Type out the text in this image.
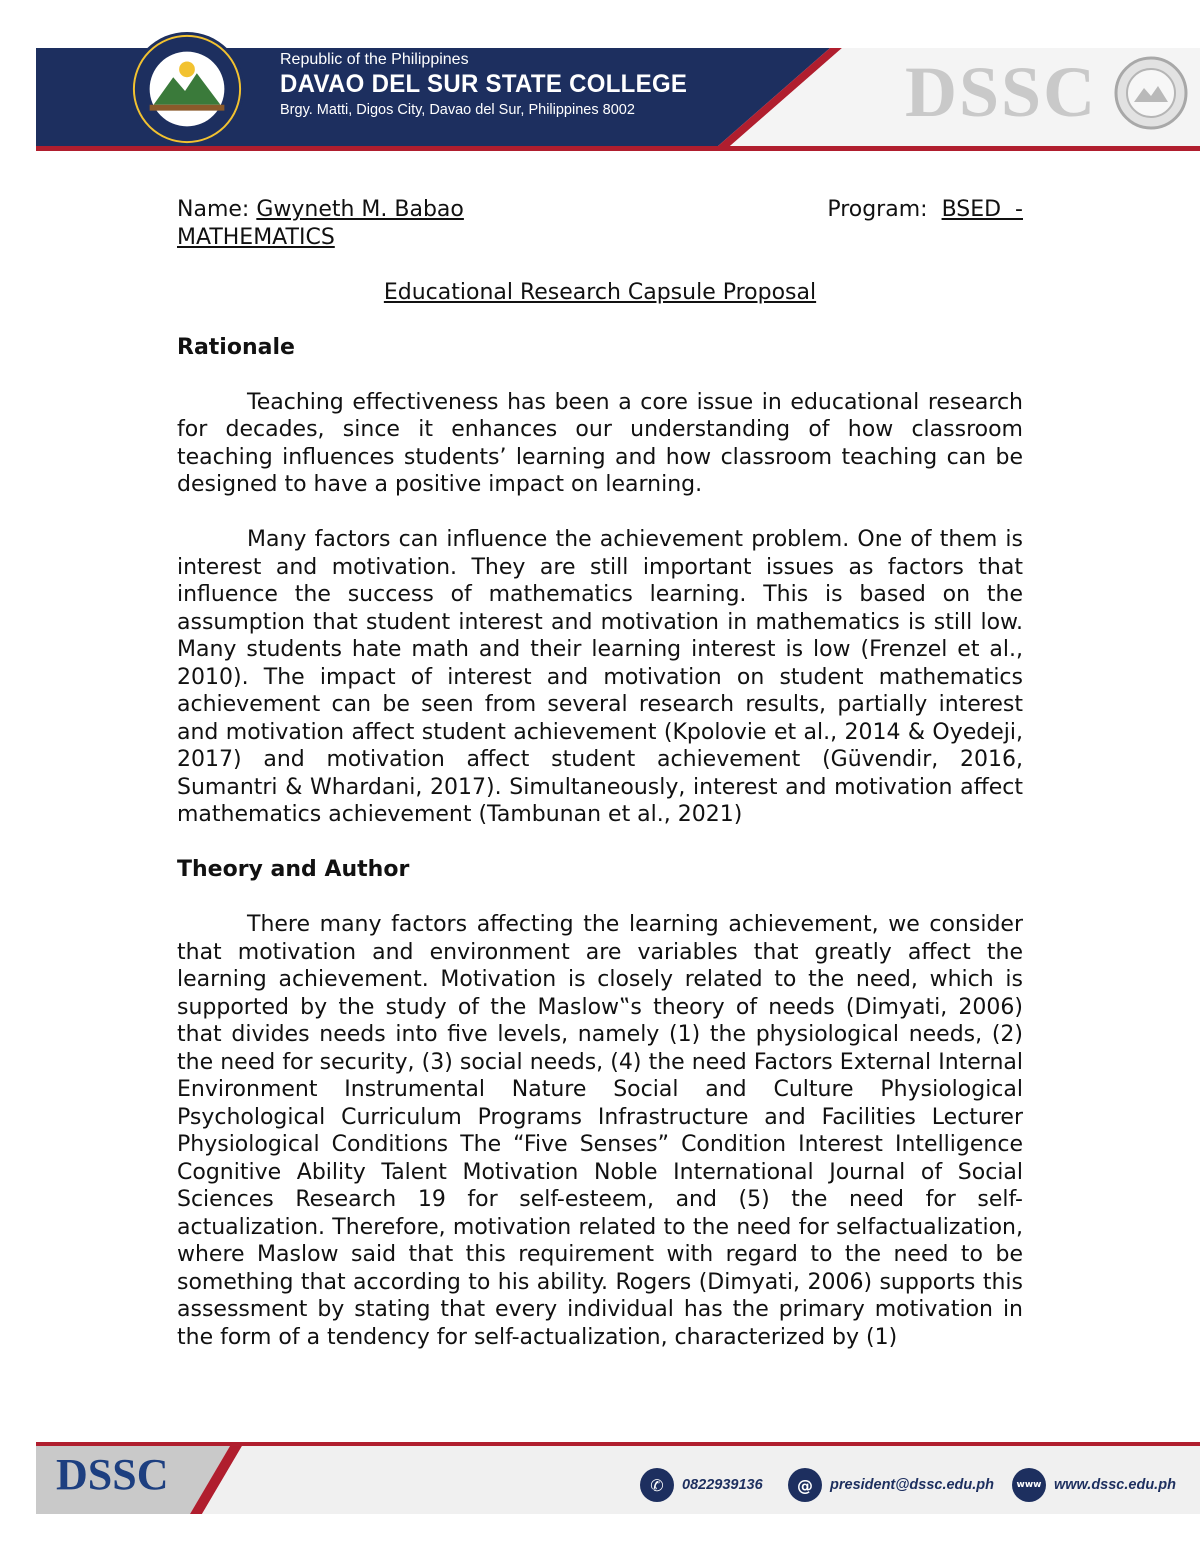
Republic of the Philippines
DAVAO DEL SUR STATE COLLEGE
Brgy. Matti, Digos City, Davao del Sur, Philippines 8002	DSSC
Name: Gwyneth M. Babao	Program: BSED  -
MATHEMATICS
Educational Research Capsule Proposal
Rationale

Teaching effectiveness has been a core issue in educational research for decades, since it enhances our understanding of how classroom teaching influences students’ learning and how classroom teaching can be designed to have a positive impact on learning.

Many factors can influence the achievement problem. One of them is interest and motivation. They are still important issues as factors that influence the success of mathematics learning. This is based on the assumption that student interest and motivation in mathematics is still low. Many students hate math and their learning interest is low (Frenzel et al., 2010). The impact of interest and motivation on student mathematics achievement can be seen from several research results, partially interest and motivation affect student achievement (Kpolovie et al., 2014 & Oyedeji, 2017) and motivation affect student achievement (Güvendir, 2016, Sumantri & Whardani, 2017). Simultaneously, interest and motivation affect mathematics achievement (Tambunan et al., 2021)

Theory and Author

There many factors affecting the learning achievement, we consider that motivation and environment are variables that greatly affect the learning achievement. Motivation is closely related to the need, which is supported by the study of the Maslow‟s theory of needs (Dimyati, 2006) that divides needs into five levels, namely (1) the physiological needs, (2) the need for security, (3) social needs, (4) the need Factors External Internal Environment Instrumental Nature Social and Culture Physiological Psychological Curriculum Programs Infrastructure and Facilities Lecturer Physiological Conditions The “Five Senses” Condition Interest Intelligence Cognitive Ability Talent Motivation Noble International Journal of Social Sciences Research 19 for self-esteem, and (5) the need for self-actualization. Therefore, motivation related to the need for selfactualization, where Maslow said that this requirement with regard to the need to be something that according to his ability. Rogers (Dimyati, 2006) supports this assessment by stating that every individual has the primary motivation in the form of a tendency for self-actualization, characterized by (1)

DSSC	✆	0822939136	@	president@dssc.edu.ph	www www.dssc.edu.ph
